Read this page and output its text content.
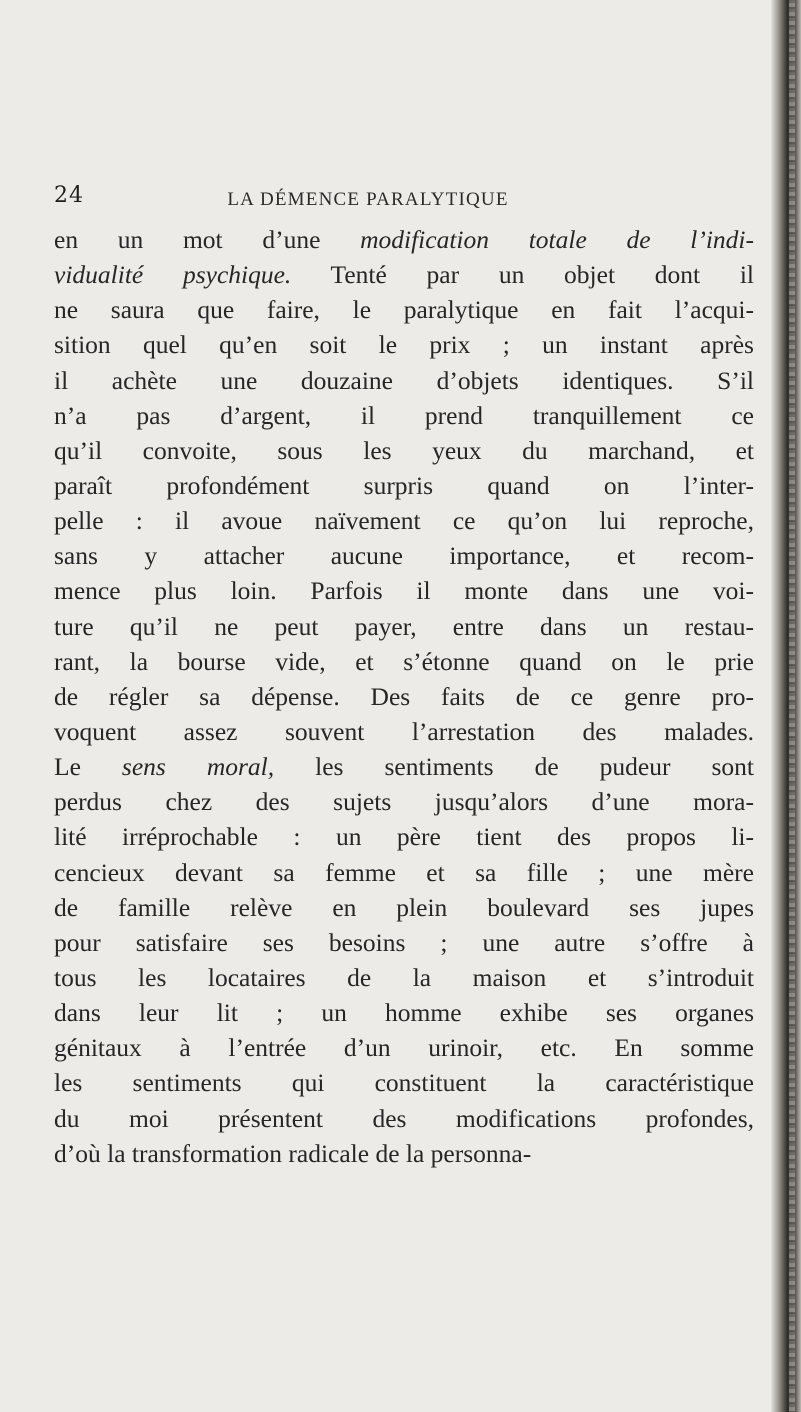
24	LA DÉMENCE PARALYTIQUE

en un mot d’une modification totale de l’indi-
vidualité psychique. Tenté par un objet dont il
ne saura que faire, le paralytique en fait l’acqui-
sition quel qu’en soit le prix ; un instant après
il achète une douzaine d’objets identiques. S’il
n’a pas d’argent, il prend tranquillement ce
qu’il convoite, sous les yeux du marchand, et
paraît profondément surpris quand on l’inter-
pelle : il avoue naïvement ce qu’on lui reproche,
sans y attacher aucune importance, et recom-
mence plus loin. Parfois il monte dans une voi-
ture qu’il ne peut payer, entre dans un restau-
rant, la bourse vide, et s’étonne quand on le prie
de régler sa dépense. Des faits de ce genre pro-
voquent assez souvent l’arrestation des malades.
Le sens moral, les sentiments de pudeur sont
perdus chez des sujets jusqu’alors d’une mora-
lité irréprochable : un père tient des propos li-
cencieux devant sa femme et sa fille ; une mère
de famille relève en plein boulevard ses jupes
pour satisfaire ses besoins ; une autre s’offre à
tous les locataires de la maison et s’introduit
dans leur lit ; un homme exhibe ses organes
génitaux à l’entrée d’un urinoir, etc. En somme
les sentiments qui constituent la caractéristique
du moi présentent des modifications profondes,
d’où la transformation radicale de la personna-
